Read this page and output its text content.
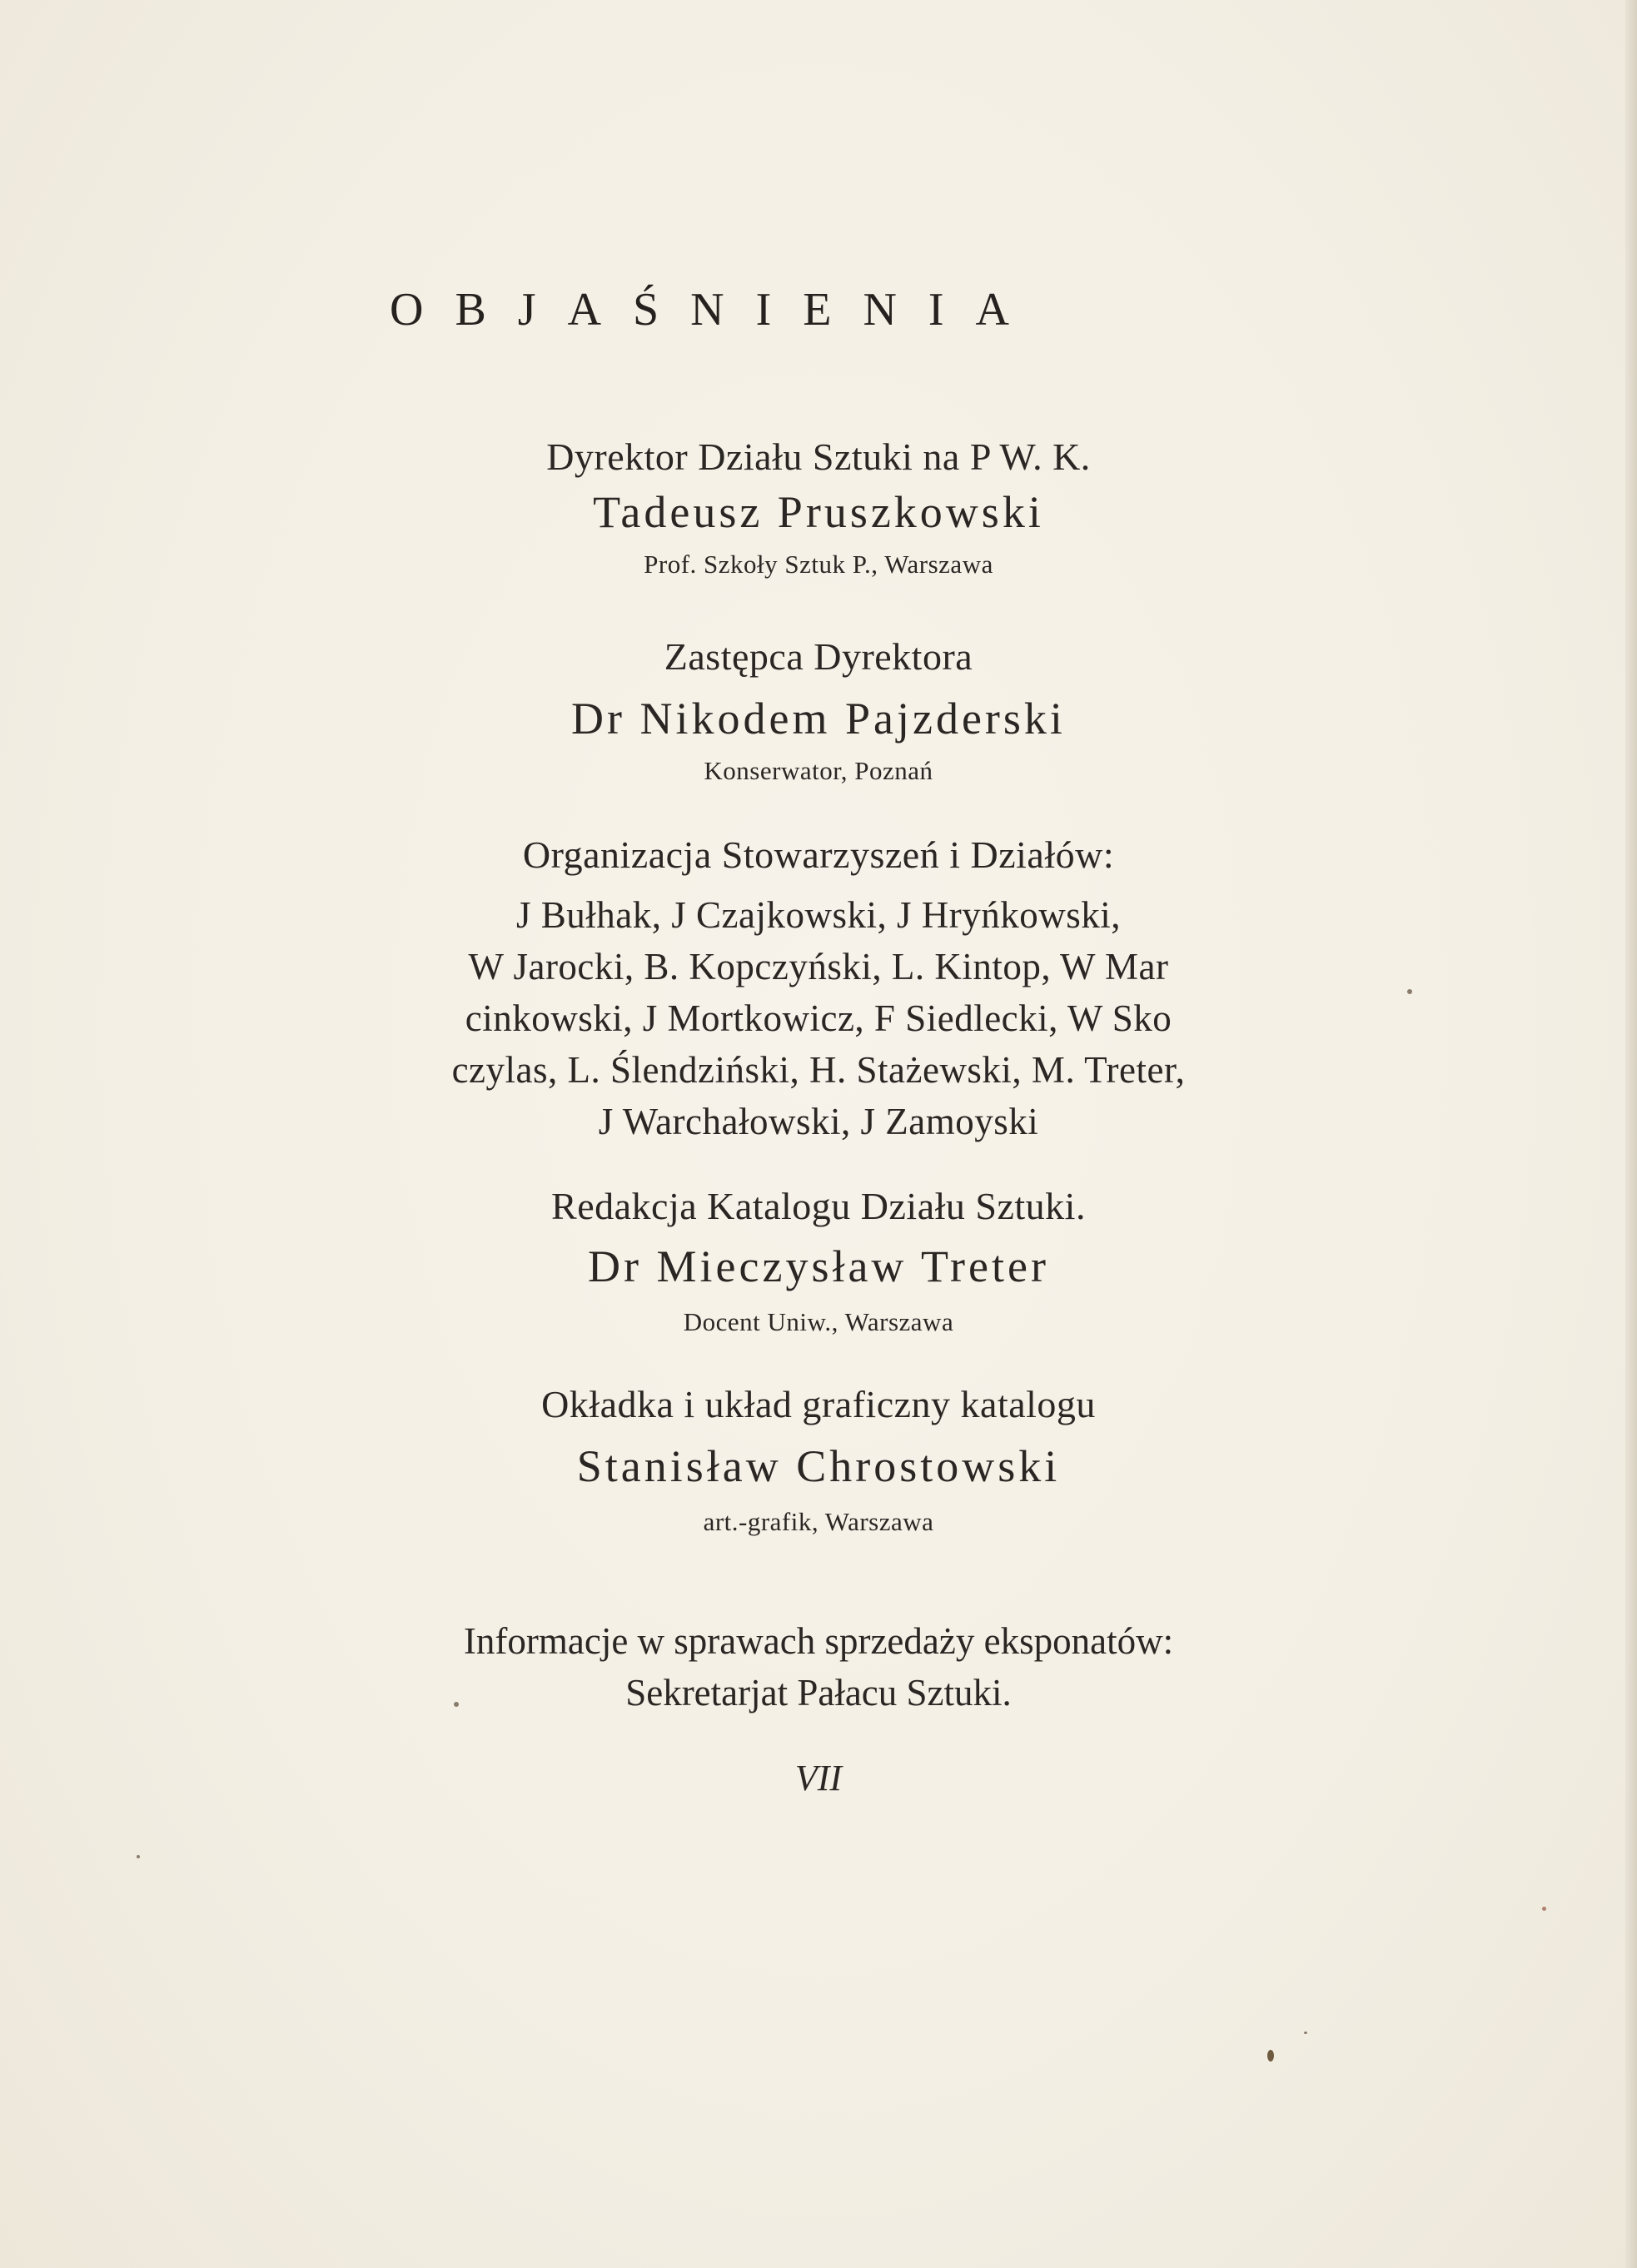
OBJAŚNIENIA
Dyrektor Działu Sztuki na P W. K.
Tadeusz Pruszkowski
Prof. Szkoły Sztuk P., Warszawa
Zastępca Dyrektora
Dr Nikodem Pajzderski
Konserwator, Poznań
Organizacja Stowarzyszeń i Działów:
J Bułhak, J Czajkowski, J Hryńkowski,
W Jarocki, B. Kopczyński, L. Kintop, W Mar
cinkowski, J Mortkowicz, F Siedlecki, W Sko
czylas, L. Ślendziński, H. Stażewski, M. Treter,
J Warchałowski, J Zamoyski
Redakcja Katalogu Działu Sztuki.
Dr Mieczysław Treter
Docent Uniw., Warszawa
Okładka i układ graficzny katalogu
Stanisław Chrostowski
art.-grafik, Warszawa
Informacje w sprawach sprzedaży eksponatów:
Sekretarjat Pałacu Sztuki.
VII
